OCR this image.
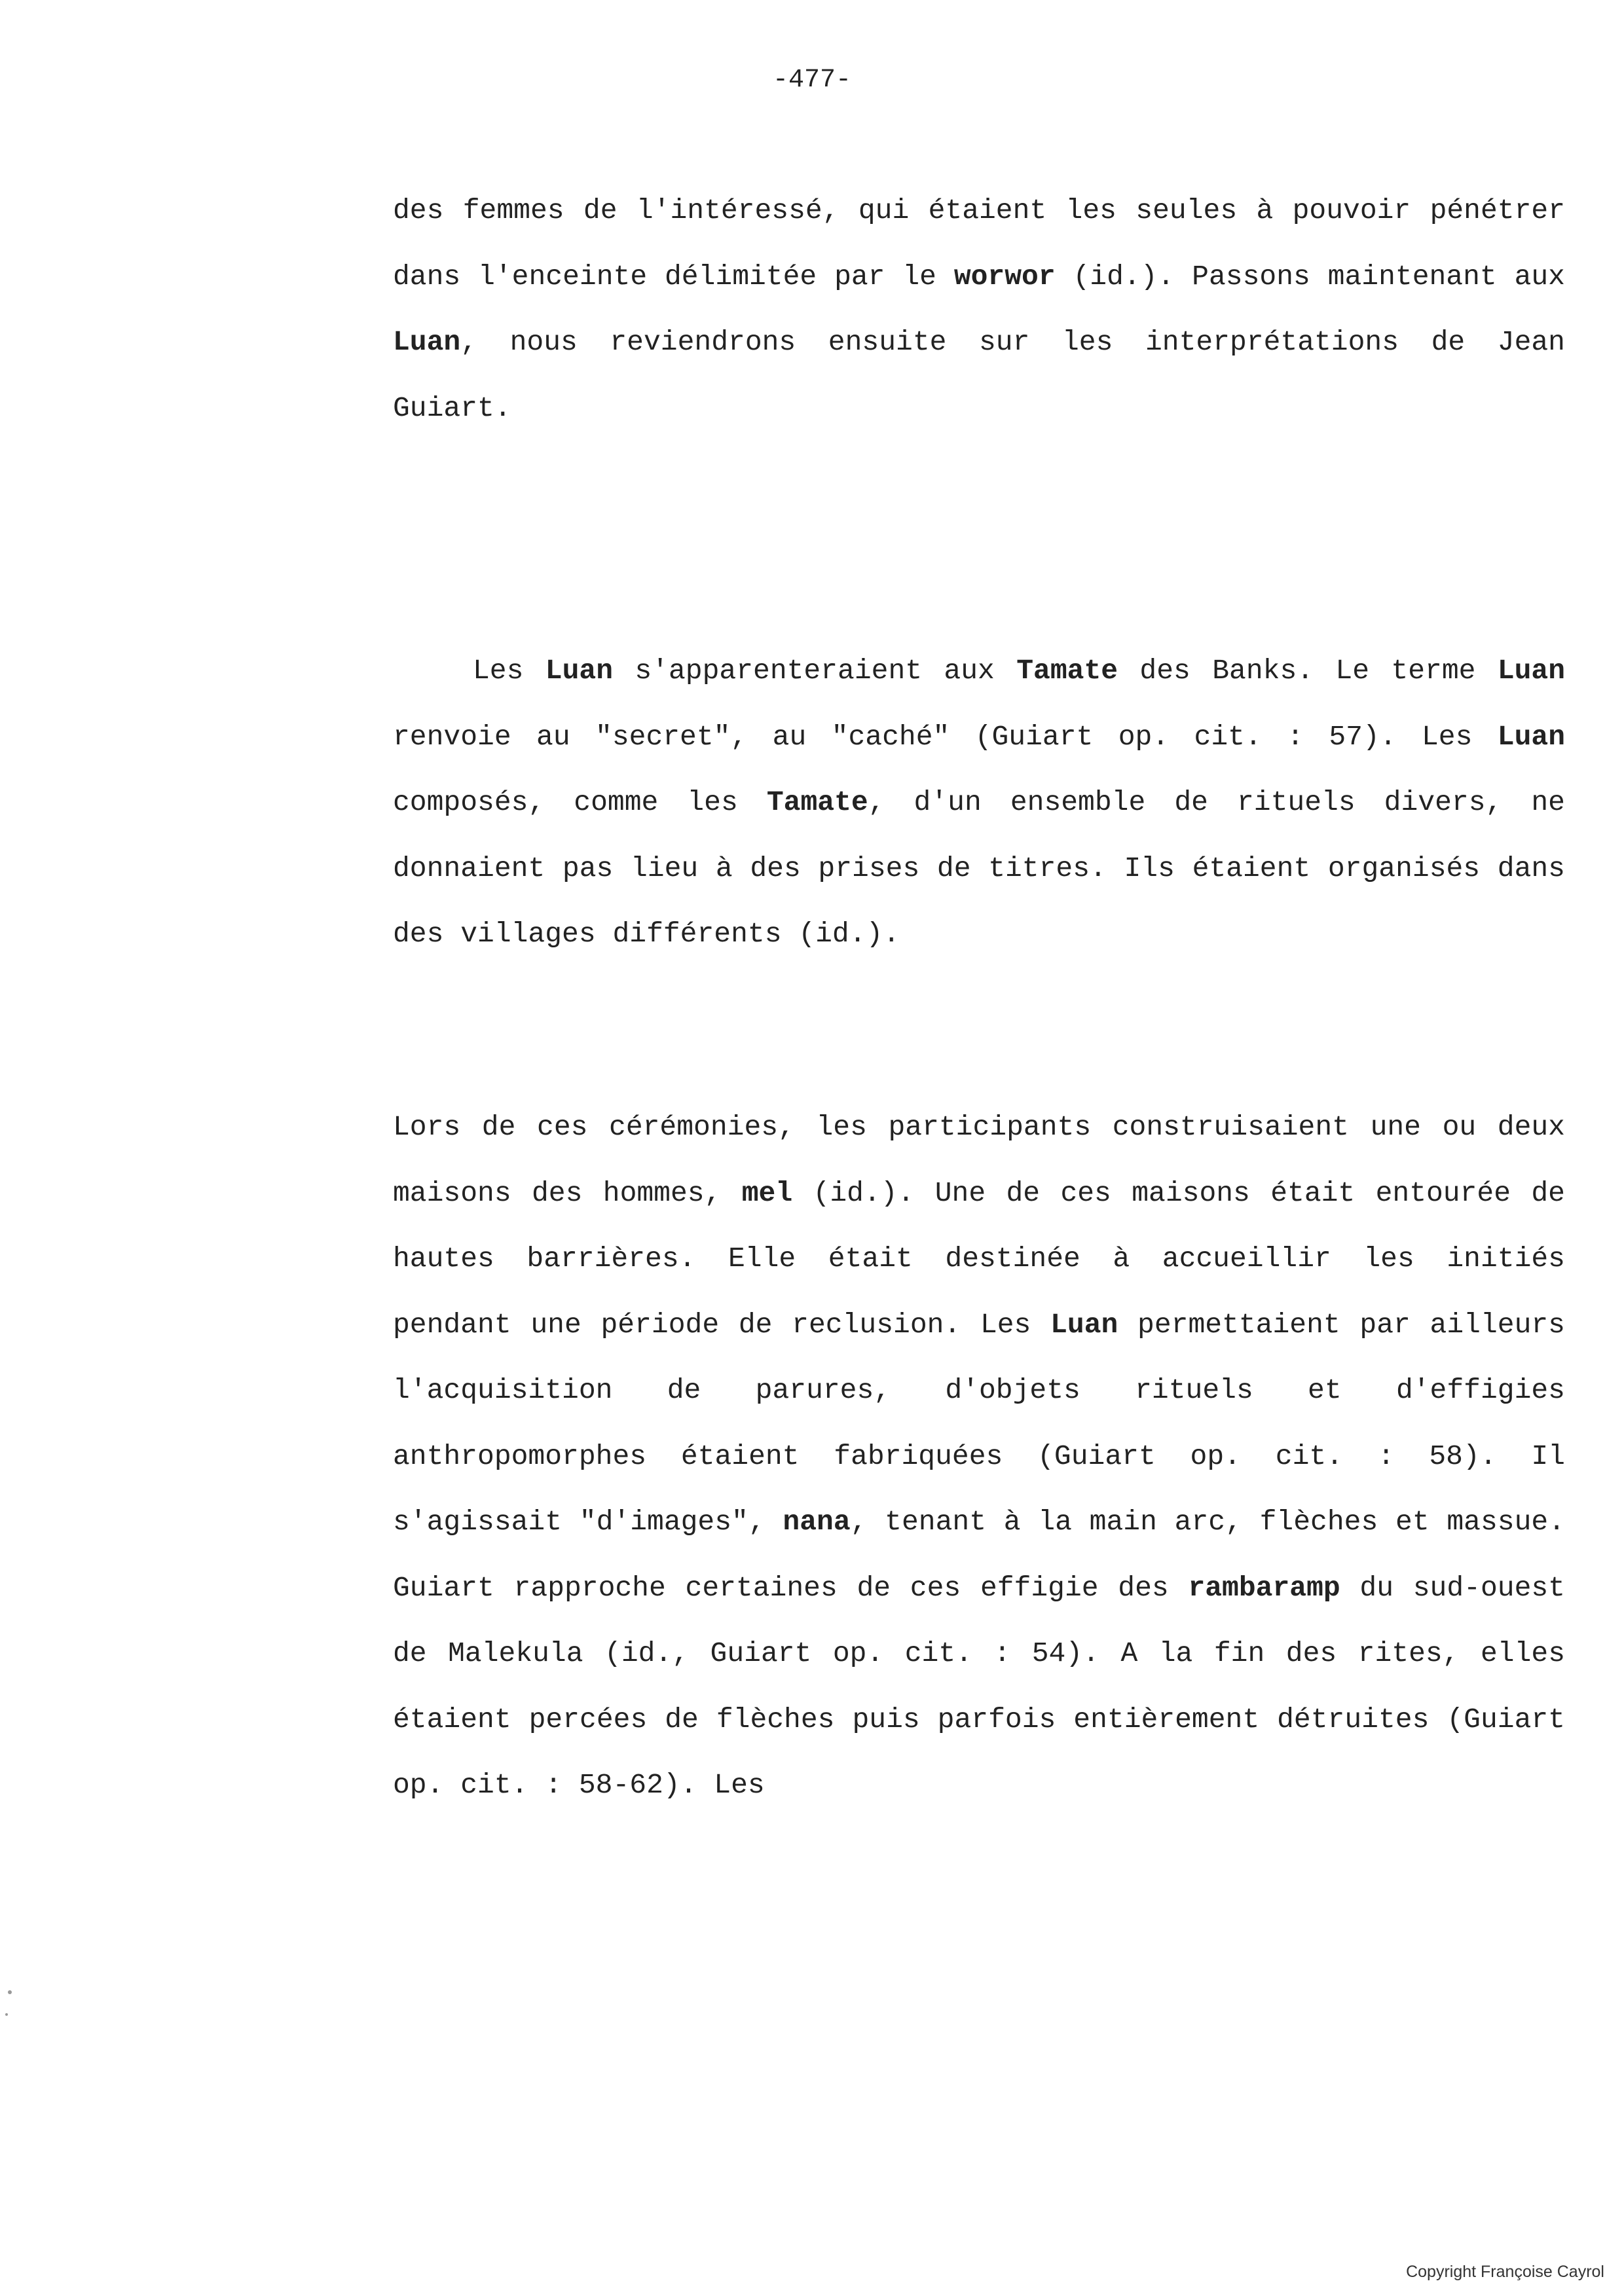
-477-

des femmes de l'intéressé, qui étaient les seules à pouvoir pénétrer dans l'enceinte délimitée par le worwor (id.). Passons maintenant aux Luan, nous reviendrons ensuite sur les interprétations de Jean Guiart.

Les Luan s'apparenteraient aux Tamate des Banks. Le terme Luan renvoie au "secret", au "caché" (Guiart op. cit. : 57). Les Luan composés, comme les Tamate, d'un ensemble de rituels divers, ne donnaient pas lieu à des prises de titres. Ils étaient organisés dans des villages différents (id.).

Lors de ces cérémonies, les participants construisaient une ou deux maisons des hommes, mel (id.). Une de ces maisons était entourée de hautes barrières. Elle était destinée à accueillir les initiés pendant une période de reclusion. Les Luan permettaient par ailleurs l'acquisition de parures, d'objets rituels et d'effigies anthropomorphes étaient fabriquées (Guiart op. cit. : 58). Il s'agissait "d'images", nana, tenant à la main arc, flèches et massue. Guiart rapproche certaines de ces effigie des rambaramp du sud-ouest de Malekula (id., Guiart op. cit. : 54). A la fin des rites, elles étaient percées de flèches puis parfois entièrement détruites (Guiart op. cit. : 58-62). Les

Copyright Françoise Cayrol
